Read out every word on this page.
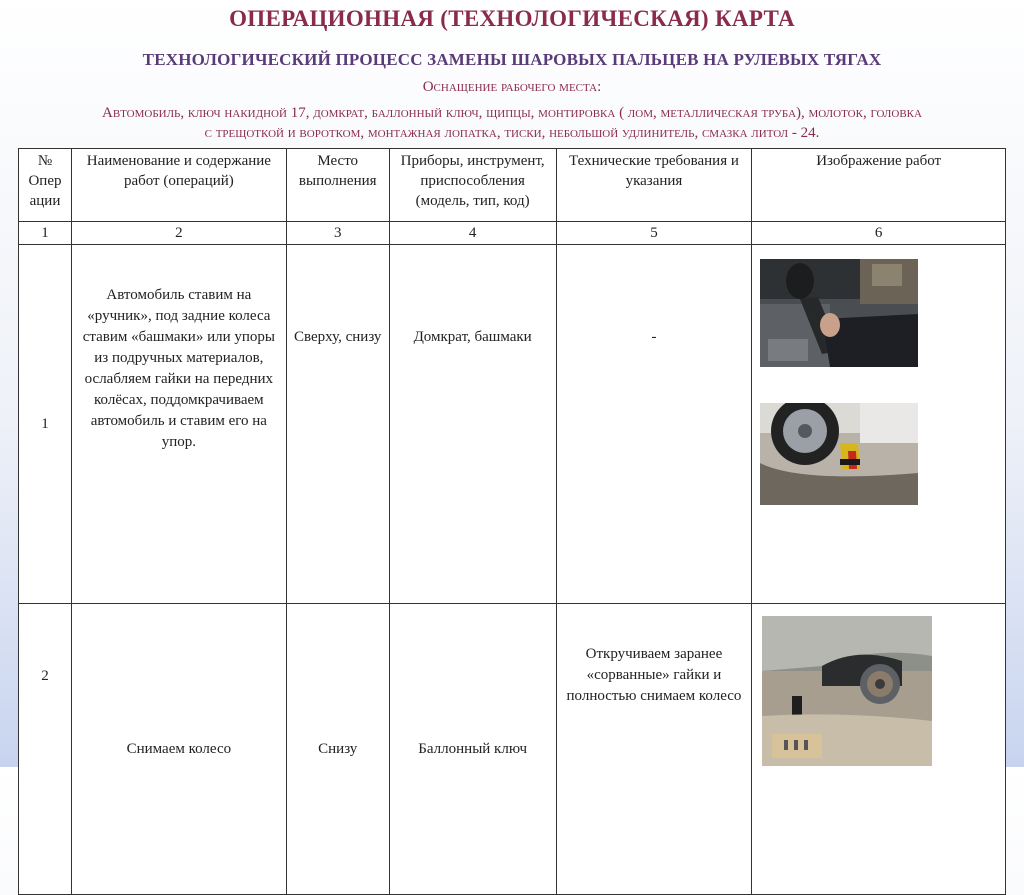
ОПЕРАЦИОННАЯ (ТЕХНОЛОГИЧЕСКАЯ) КАРТА
ТЕХНОЛОГИЧЕСКИЙ ПРОЦЕСС ЗАМЕНЫ ШАРОВЫХ ПАЛЬЦЕВ НА РУЛЕВЫХ ТЯГАХ
Оснащение рабочего места:
Автомобиль, ключ накидной 17, домкрат, баллонный ключ, щипцы, монтировка ( лом, металлическая труба), молоток, головка
с трещоткой и воротком, монтажная лопатка, тиски, небольшой удлинитель, смазка литол - 24.
№ Опер ации	Наименование и содержание работ (операций)	Место выполнения	Приборы, инструмент, приспособления (модель, тип, код)	Технические требования и указания	Изображение работ
1	2	3	4	5	6
1	Автомобиль ставим на «ручник», под задние колеса ставим «башмаки» или упоры из подручных материалов, ослабляем гайки на передних колёсах, поддомкрачиваем автомобиль и ставим его на упор.	Сверху, снизу	Домкрат, башмаки	-	

2	Снимаем колесо	Снизу	Баллонный ключ	Откручиваем заранее «сорванные» гайки и полностью снимаем колесо	
